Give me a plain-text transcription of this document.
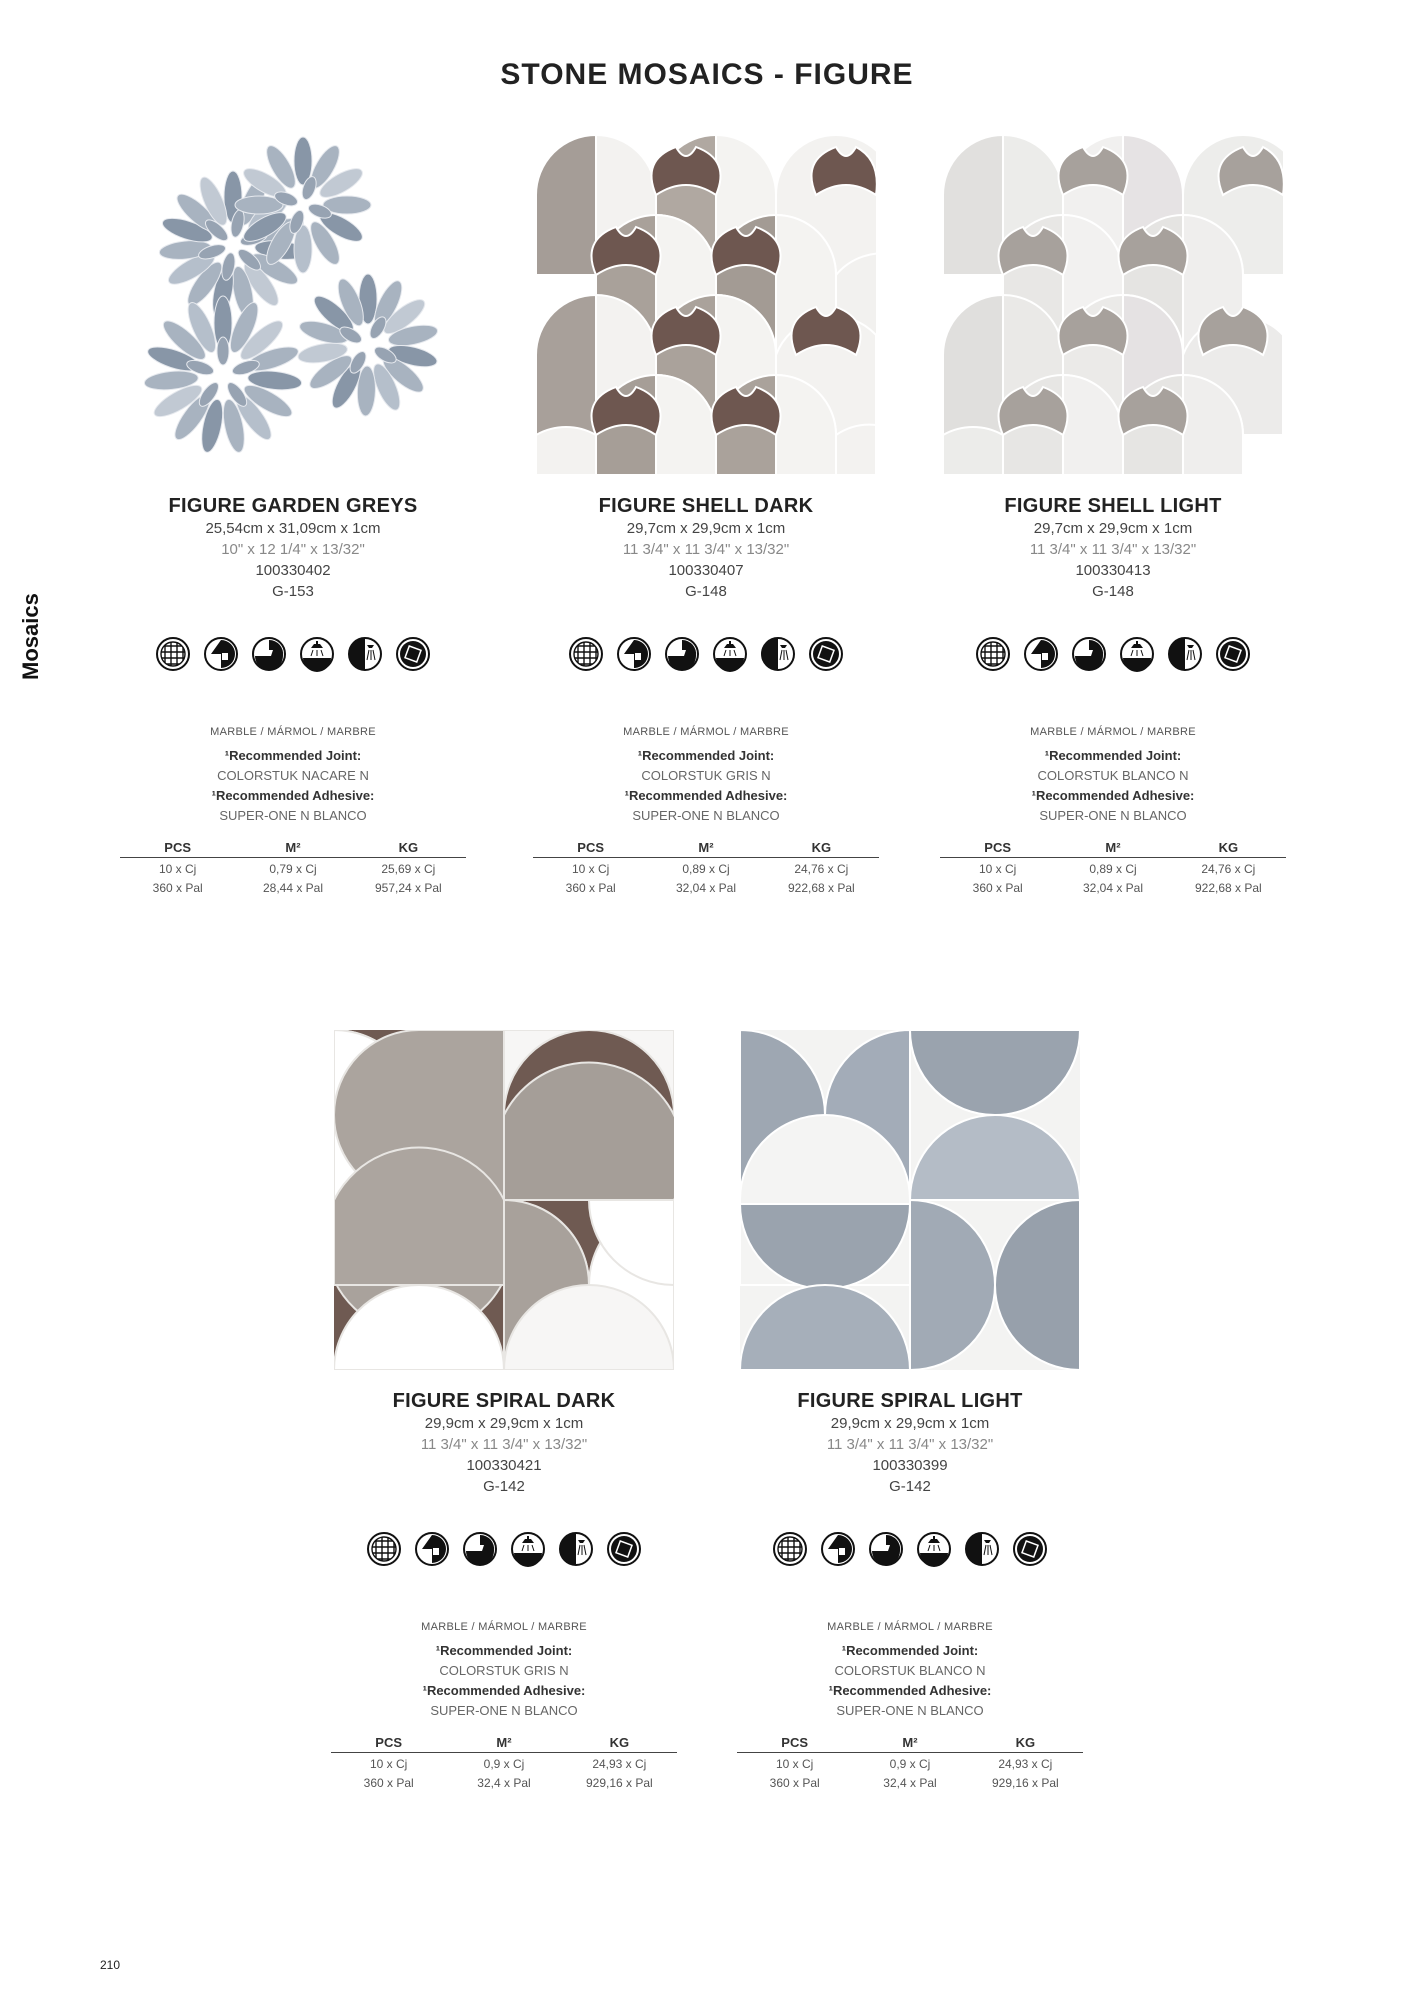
STONE MOSAICS - FIGURE
Mosaics
210
FIGURE GARDEN GREYS
25,54cm x 31,09cm x 1cm
10" x 12 1/4" x 13/32"
100330402
G-153
MARBLE / MÁRMOL / MARBRE
¹Recommended Joint:
COLORSTUK NACARE N
¹Recommended Adhesive:
SUPER-ONE N BLANCO
PCS	M²	KG
10 x Cj	0,79 x Cj	25,69 x Cj
360 x Pal	28,44 x Pal	957,24 x Pal
FIGURE SHELL DARK
29,7cm x 29,9cm x 1cm
11 3/4" x 11 3/4" x 13/32"
100330407
G-148
MARBLE / MÁRMOL / MARBRE
¹Recommended Joint:
COLORSTUK GRIS N
¹Recommended Adhesive:
SUPER-ONE N BLANCO
PCS	M²	KG
10 x Cj	0,89 x Cj	24,76 x Cj
360 x Pal	32,04 x Pal	922,68 x Pal
FIGURE SHELL LIGHT
29,7cm x 29,9cm x 1cm
11 3/4" x 11 3/4" x 13/32"
100330413
G-148
MARBLE / MÁRMOL / MARBRE
¹Recommended Joint:
COLORSTUK BLANCO N
¹Recommended Adhesive:
SUPER-ONE N BLANCO
PCS	M²	KG
10 x Cj	0,89 x Cj	24,76 x Cj
360 x Pal	32,04 x Pal	922,68 x Pal
FIGURE SPIRAL DARK
29,9cm x 29,9cm x 1cm
11 3/4" x 11 3/4" x 13/32"
100330421
G-142
MARBLE / MÁRMOL / MARBRE
¹Recommended Joint:
COLORSTUK GRIS N
¹Recommended Adhesive:
SUPER-ONE N BLANCO
PCS	M²	KG
10 x Cj	0,9 x Cj	24,93 x Cj
360 x Pal	32,4 x Pal	929,16 x Pal
FIGURE SPIRAL LIGHT
29,9cm x 29,9cm x 1cm
11 3/4" x 11 3/4" x 13/32"
100330399
G-142
MARBLE / MÁRMOL / MARBRE
¹Recommended Joint:
COLORSTUK BLANCO N
¹Recommended Adhesive:
SUPER-ONE N BLANCO
PCS	M²	KG
10 x Cj	0,9 x Cj	24,93 x Cj
360 x Pal	32,4 x Pal	929,16 x Pal
